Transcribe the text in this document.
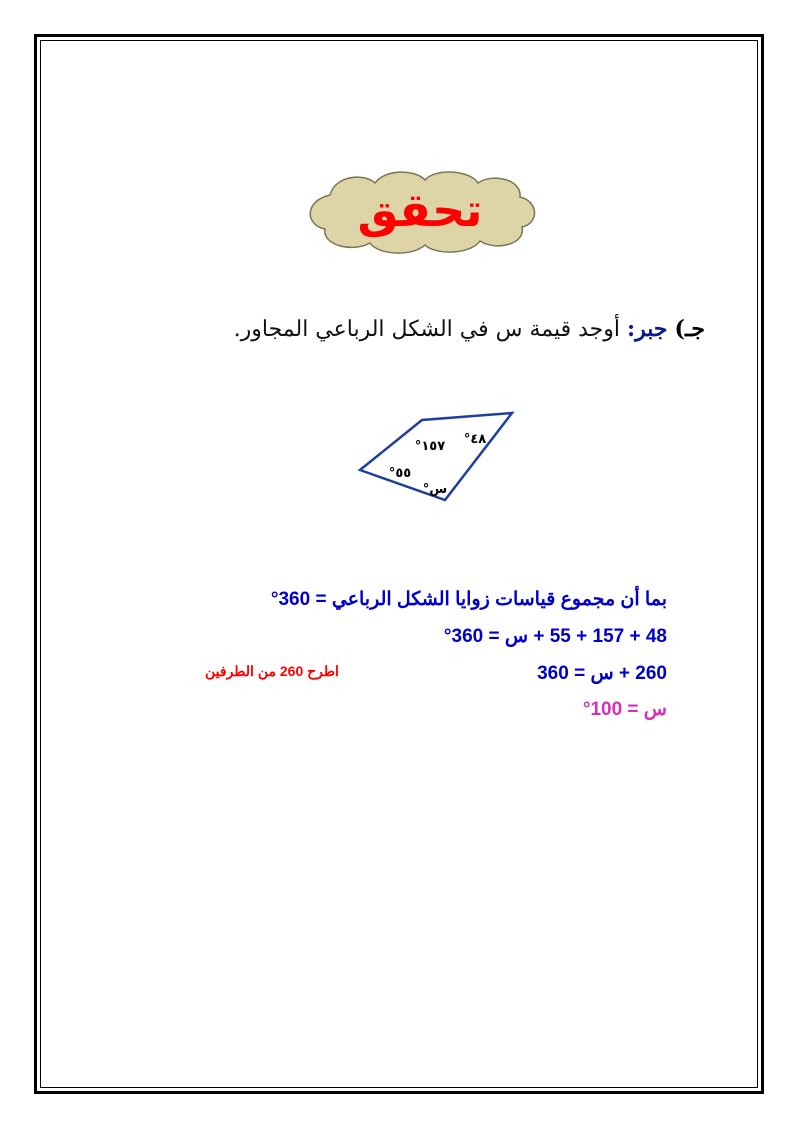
تحقق
جـ) جبر: أوجد قيمة س في الشكل الرباعي المجاور.
١٥٧° ٤٨°
٥٥°
س°
بما أن مجموع قياسات زوايا الشكل الرباعي = 360°
48 + 157 + 55 + س = 360°
260 + س = 360
اطرح 260 من الطرفين
س = 100°
